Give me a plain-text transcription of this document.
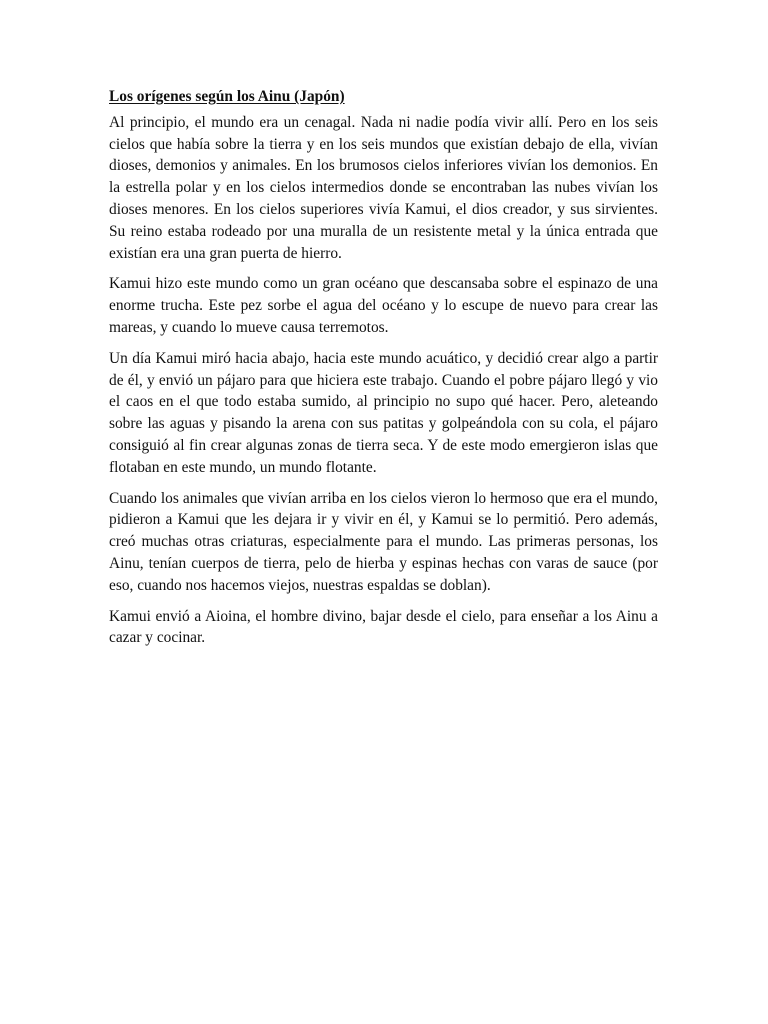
Los orígenes según los Ainu (Japón)

Al principio, el mundo era un cenagal. Nada ni nadie podía vivir allí. Pero en los seis cielos que había sobre la tierra y en los seis mundos que existían debajo de ella, vivían dioses, demonios y animales. En los brumosos cielos inferiores vivían los demonios. En la estrella polar y en los cielos intermedios donde se encontraban las nubes vivían los dioses menores. En los cielos superiores vivía Kamui, el dios creador, y sus sirvientes. Su reino estaba rodeado por una muralla de un resistente metal y la única entrada que existían era una gran puerta de hierro.

Kamui hizo este mundo como un gran océano que descansaba sobre el espinazo de una enorme trucha. Este pez sorbe el agua del océano y lo escupe de nuevo para crear las mareas, y cuando lo mueve causa terremotos.

Un día Kamui miró hacia abajo, hacia este mundo acuático, y decidió crear algo a partir de él, y envió un pájaro para que hiciera este trabajo. Cuando el pobre pájaro llegó y vio el caos en el que todo estaba sumido, al principio no supo qué hacer. Pero, aleteando sobre las aguas y pisando la arena con sus patitas y golpeándola con su cola, el pájaro consiguió al fin crear algunas zonas de tierra seca. Y de este modo emergieron islas que flotaban en este mundo, un mundo flotante.

Cuando los animales que vivían arriba en los cielos vieron lo hermoso que era el mundo, pidieron a Kamui que les dejara ir y vivir en él, y Kamui se lo permitió. Pero además, creó muchas otras criaturas, especialmente para el mundo. Las primeras personas, los Ainu, tenían cuerpos de tierra, pelo de hierba y espinas hechas con varas de sauce (por eso, cuando nos hacemos viejos, nuestras espaldas se doblan).

Kamui envió a Aioina, el hombre divino, bajar desde el cielo, para enseñar a los Ainu a cazar y cocinar.
